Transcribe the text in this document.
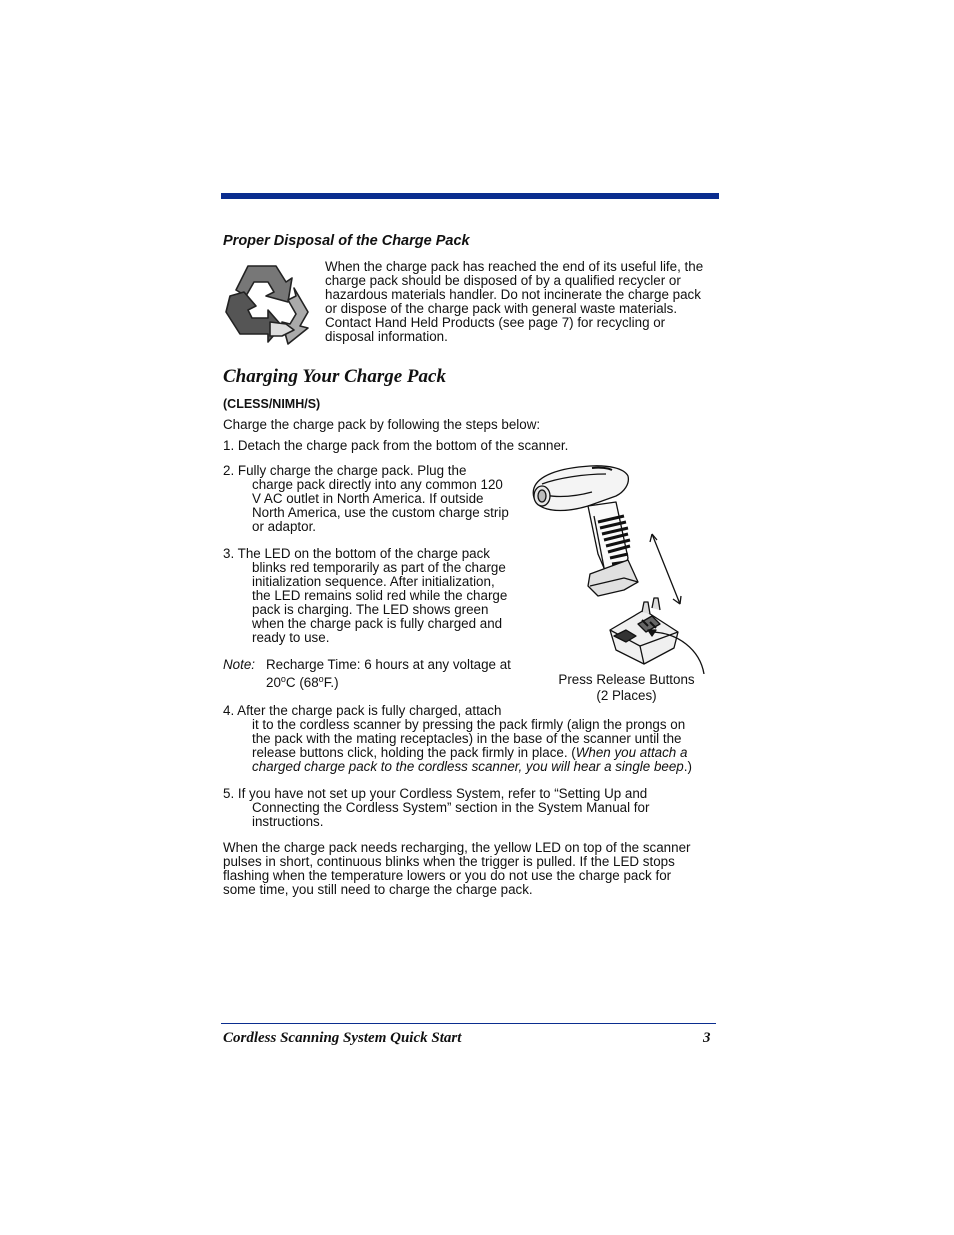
Proper Disposal of the Charge Pack
When the charge pack has reached the end of its useful life, the
charge pack should be disposed of by a qualified recycler or
hazardous materials handler. Do not incinerate the charge pack
or dispose of the charge pack with general waste materials.
Contact Hand Held Products (see page 7) for recycling or
disposal information.
Charging Your Charge Pack
(CLESS/NIMH/S)
Charge the charge pack by following the steps below:
1. Detach the charge pack from the bottom of the scanner.
2. Fully charge the charge pack. Plug the
charge pack directly into any common 120
V AC outlet in North America. If outside
North America, use the custom charge strip
or adaptor.
3. The LED on the bottom of the charge pack
blinks red temporarily as part of the charge
initialization sequence. After initialization,
the LED remains solid red while the charge
pack is charging. The LED shows green
when the charge pack is fully charged and
ready to use.
Note: Recharge Time: 6 hours at any voltage at
20$^o$C (68$^o$F.)	Press Release Buttons
(2 Places)
4. After the charge pack is fully charged, attach
it to the cordless scanner by pressing the pack firmly (align the prongs on
the pack with the mating receptacles) in the base of the scanner until the
release buttons click, holding the pack firmly in place. (When you attach a
charged charge pack to the cordless scanner, you will hear a single beep.)
5. If you have not set up your Cordless System, refer to “Setting Up and
Connecting the Cordless System” section in the System Manual for
instructions.
When the charge pack needs recharging, the yellow LED on top of the scanner
pulses in short, continuous blinks when the trigger is pulled. If the LED stops
flashing when the temperature lowers or you do not use the charge pack for
some time, you still need to charge the charge pack.
Cordless Scanning System Quick Start	3
